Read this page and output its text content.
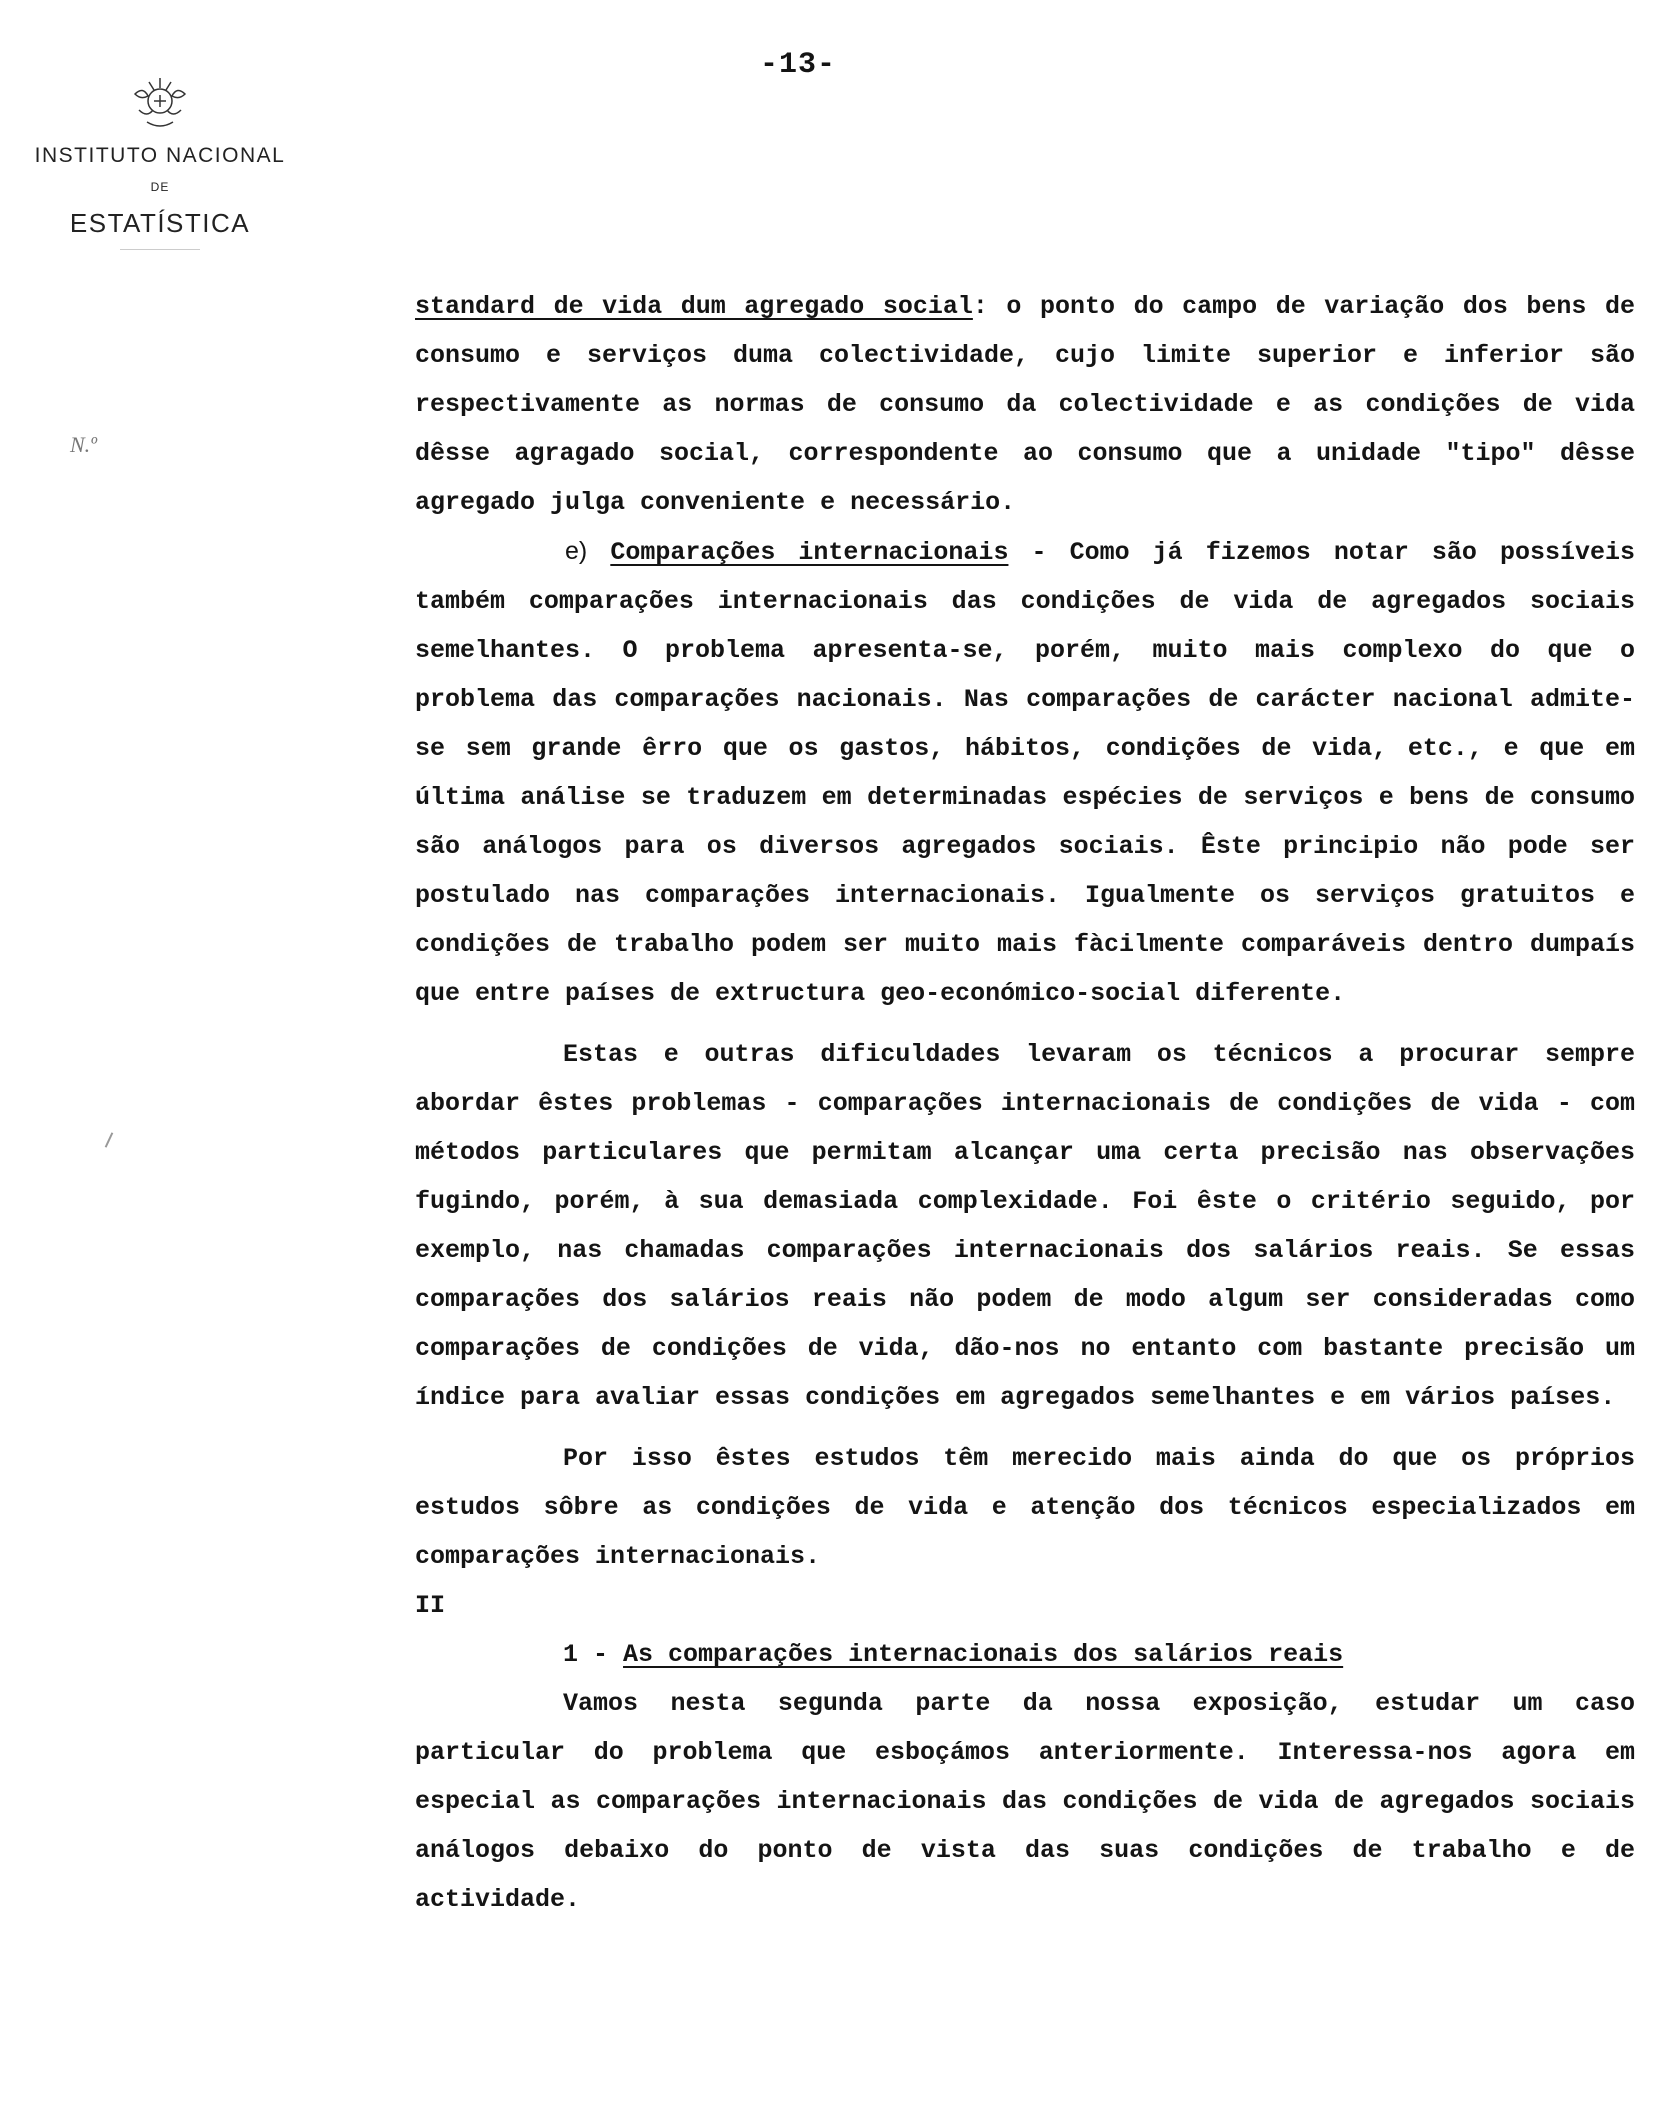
-13-
INSTITUTO NACIONAL
DE
ESTATÍSTICA
N.º

standard de vida dum agregado social: o ponto do campo de variação dos bens de consumo e serviços duma colectividade, cujo limite superior e inferior são respectivamente as normas de consumo da colectividade e as condições de vida dêsse agragado social, correspondente ao consumo que a unidade "tipo" dêsse agregado julga conveniente e necessário.

e) Comparações internacionais - Como já fizemos notar são possíveis também comparações internacionais das condições de vida de agregados sociais semelhantes. O problema apresenta-se, porém, muito mais complexo do que o problema das comparações nacionais. Nas comparações de carácter nacional admite-se sem grande êrro que os gastos, hábitos, condições de vida, etc., e que em última análise se traduzem em determinadas espécies de serviços e bens de consumo são análogos para os diversos agregados sociais. Êste principio não pode ser postulado nas comparações internacionais. Igualmente os serviços gratuitos e condições de trabalho podem ser muito mais fàcilmente comparáveis dentro dumpaís que entre países de extructura geo-económico-social diferente.

Estas e outras dificuldades levaram os técnicos a procurar sempre abordar êstes problemas - comparações internacionais de condições de vida - com métodos particulares que permitam alcançar uma certa precisão nas observações fugindo, porém, à sua demasiada complexidade. Foi êste o critério seguido, por exemplo, nas chamadas comparações internacionais dos salários reais. Se essas comparações dos salários reais não podem de modo algum ser consideradas como comparações de condições de vida, dão-nos no entanto com bastante precisão um índice para avaliar essas condições em agregados semelhantes e em vários países.

Por isso êstes estudos têm merecido mais ainda do que os próprios estudos sôbre as condições de vida e atenção dos técnicos especializados em comparações internacionais.

II

1 - As comparações internacionais dos salários reais

Vamos nesta segunda parte da nossa exposição, estudar um caso particular do problema que esboçámos anteriormente. Interessa-nos agora em especial as comparações internacionais das condições de vida de agregados sociais análogos debaixo do ponto de vista das suas condições de trabalho e de actividade.
